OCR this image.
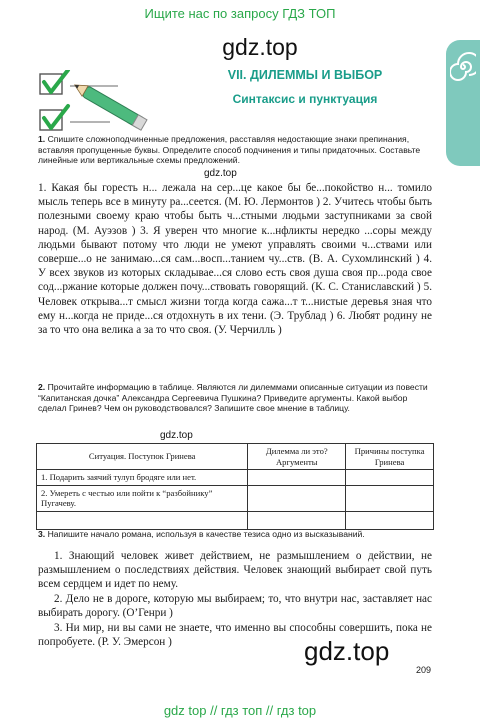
Ищите нас по запросу ГДЗ ТОП
gdz.top
VII. ДИЛЕММЫ И ВЫБОР
Синтаксис и пунктуация

1. Спишите сложноподчиненные предложения, расставляя недостающие знаки препинания, вставляя пропущенные буквы. Определите способ подчинения и типы придаточных. Составьте линейные или вертикальные схемы предложений.

gdz.top

1. Какая бы горесть н... лежала на сер...це какое бы бе...покойство н... томило мысль теперь все в минуту ра...сеется. (М. Ю. Лермонтов ) 2. Учитесь чтобы быть полезными своему краю чтобы быть ч...стными людьми заступниками за свой народ. (М. Ауэзов ) 3. Я уверен что многие к...нфликты нередко ...соры между людьми бывают потому что люди не умеют управлять своими ч...ствами или соверше...о не занимаю...ся сам...восп...танием чу...ств. (В. А. Сухомлинский ) 4. У всех звуков из которых складывае...ся слово есть своя душа своя пр...рода свое сод...ржание которые должен почу...ствовать говорящий. (К. С. Станиславский ) 5. Человек открыва...т смысл жизни тогда когда сажа...т т...нистые деревья зная что ему н...когда не приде...ся отдохнуть в их тени. (Э. Трублад ) 6. Любят родину не за то что она велика а за то что своя. (У. Черчилль )

2. Прочитайте информацию в таблице. Являются ли дилеммами описанные ситуации из повести “Капитанская дочка” Александра Сергеевича Пушкина? Приведите аргументы. Какой выбор сделал Гринев? Чем он руководствовался? Запишите свое мнение в таблицу.

gdz.top
Ситуация. Поступок Гринева	Дилемма ли это? Аргументы	Причины поступка Гринева
1. Подарить заячий тулуп бродяге или нет.		
2. Умереть с честью или пойти к “разбойнику” Пугачеву.		

3. Напишите начало романа, используя в качестве тезиса одно из высказываний.

1. Знающий человек живет действием, не размышлением о действии, не размышлением о последствиях действия. Человек знающий выбирает свой путь всем сердцем и идет по нему.

2. Дело не в дороге, которую мы выбираем; то, что внутри нас, заставляет нас выбирать дорогу. (О’Генри )

3. Ни мир, ни вы сами не знаете, что именно вы способны совершить, пока не попробуете. (Р. У. Эмерсон )	gdz.top
209
gdz top // гдз топ // гдз top
